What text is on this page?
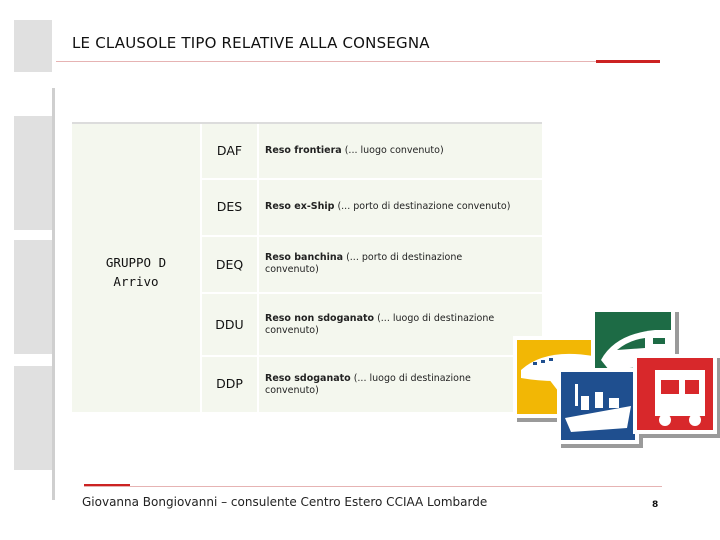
LE CLAUSOLE TIPO RELATIVE ALLA CONSEGNA
GRUPPO D
Arrivo
DAF	Reso frontiera (... luogo convenuto)
DES	Reso ex-Ship (... porto di destinazione convenuto)
DEQ	Reso banchina (... porto di destinazione convenuto)
DDU	Reso non sdoganato (... luogo di destinazione convenuto)
DDP	Reso sdoganato (... luogo di destinazione convenuto)
Giovanna Bongiovanni – consulente Centro Estero CCIAA Lombarde	8
